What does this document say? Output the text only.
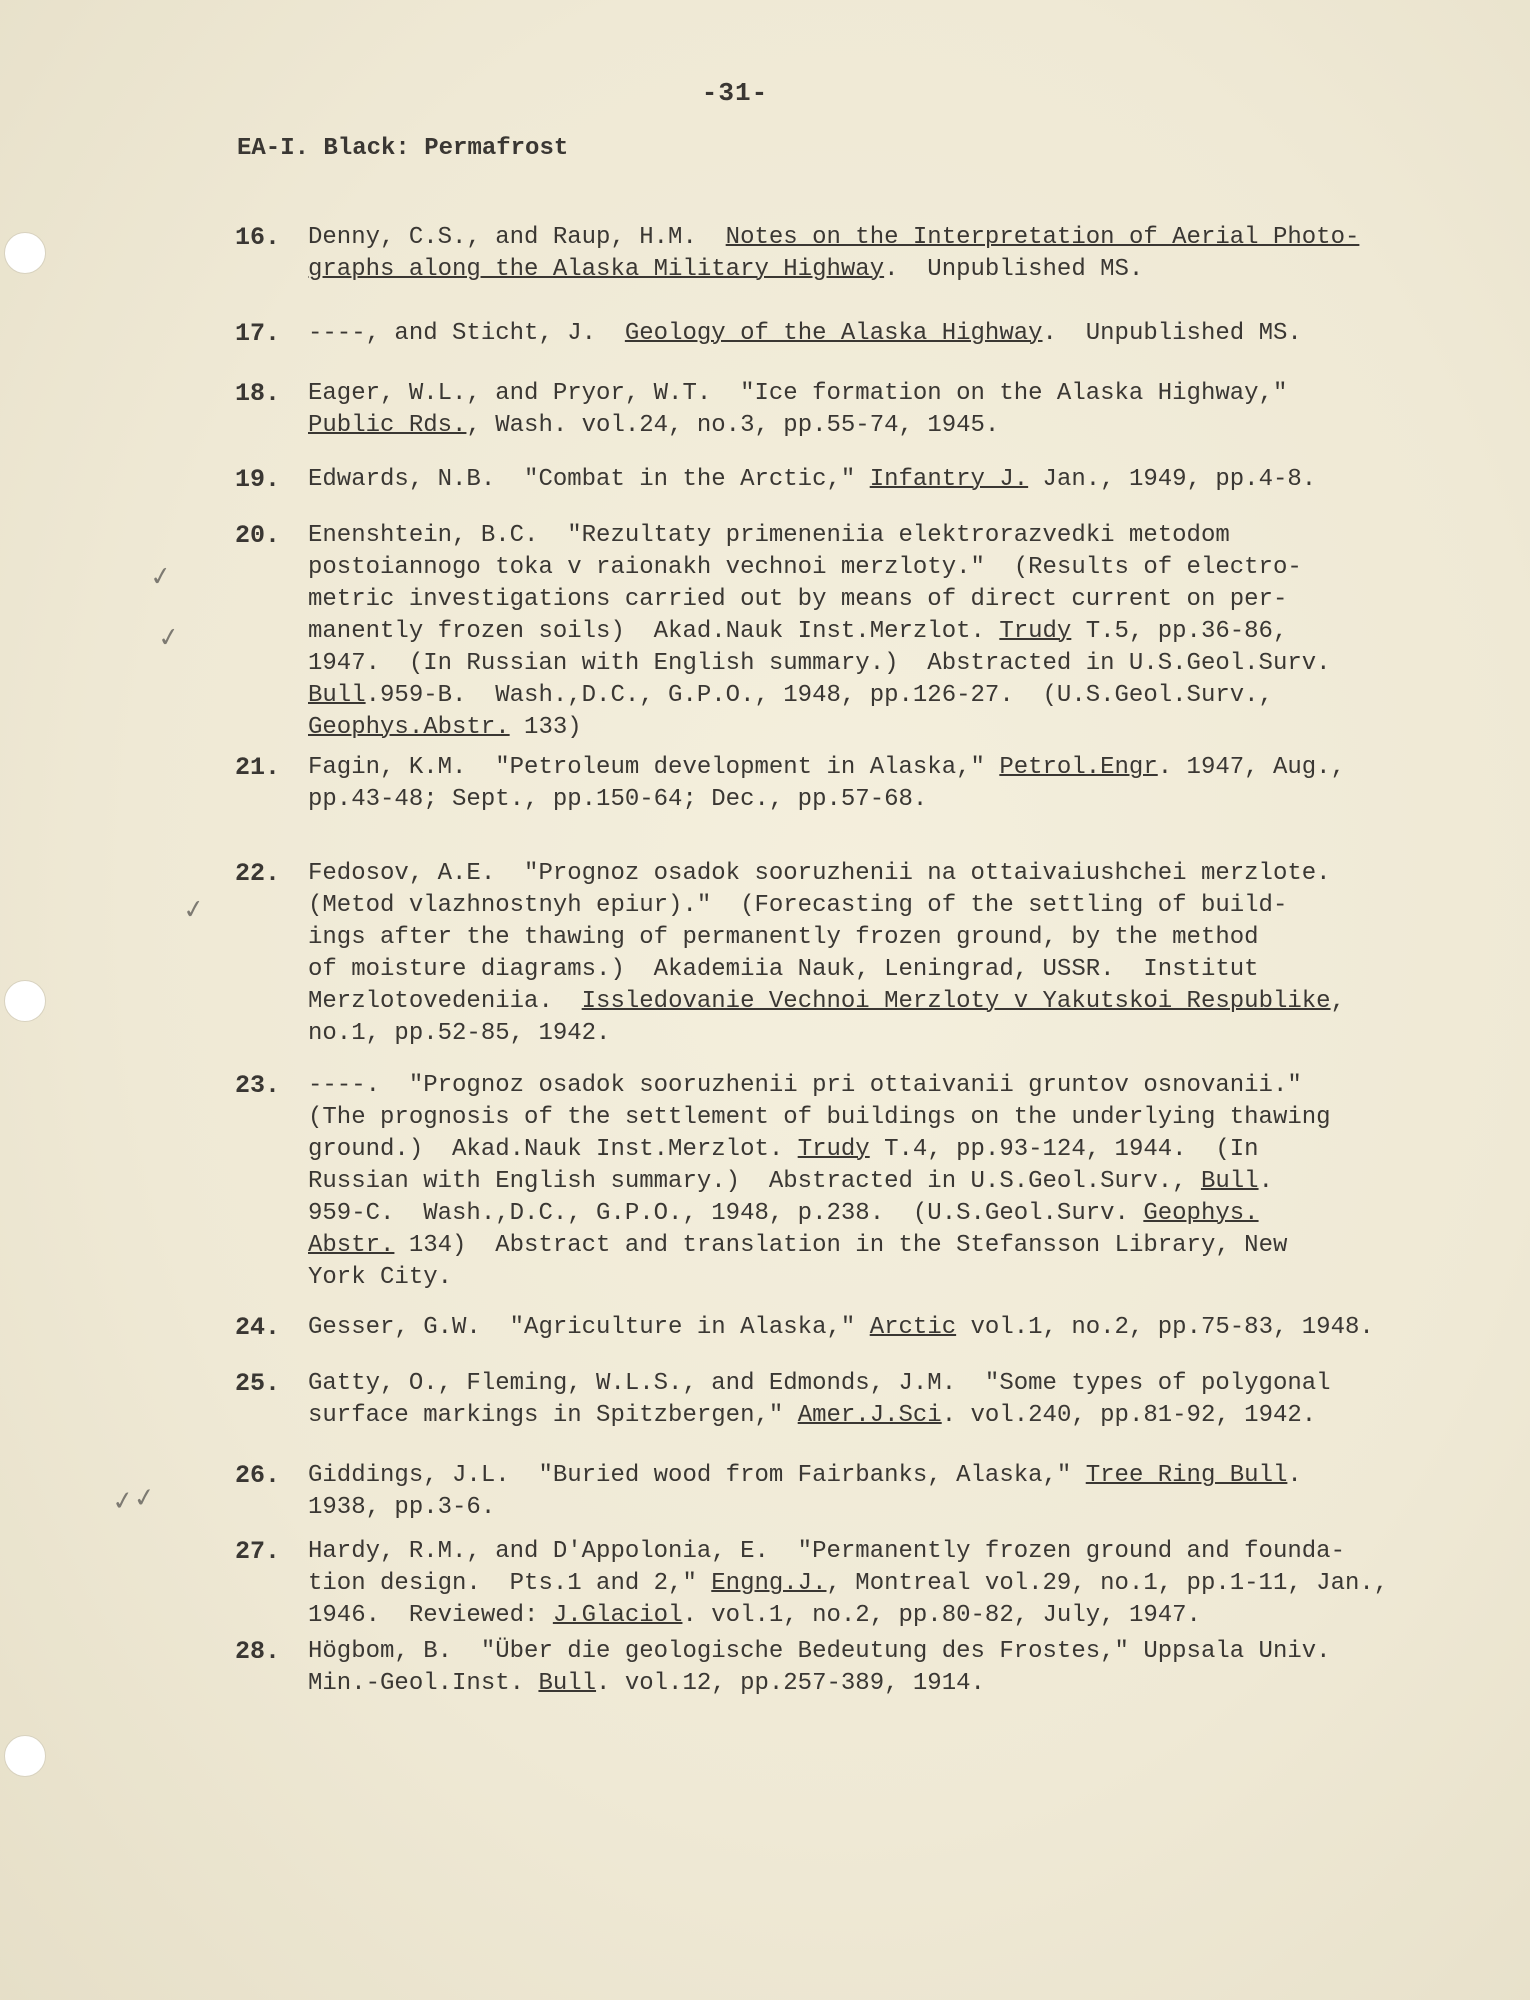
✓
✓
✓
✓✓
-31-
EA-I. Black: Permafrost
16. Denny, C.S., and Raup, H.M.  Notes on the Interpretation of Aerial Photo-
graphs along the Alaska Military Highway.  Unpublished MS.
17. ----, and Sticht, J.  Geology of the Alaska Highway.  Unpublished MS.
18. Eager, W.L., and Pryor, W.T.  "Ice formation on the Alaska Highway,"
Public Rds., Wash. vol.24, no.3, pp.55-74, 1945.
19. Edwards, N.B.  "Combat in the Arctic," Infantry J. Jan., 1949, pp.4-8.
20. Enenshtein, B.C.  "Rezultaty primeneniia elektrorazvedki metodom
postoiannogo toka v raionakh vechnoi merzloty."  (Results of electro-
metric investigations carried out by means of direct current on per-
manently frozen soils)  Akad.Nauk Inst.Merzlot. Trudy T.5, pp.36-86,
1947.  (In Russian with English summary.)  Abstracted in U.S.Geol.Surv.
Bull.959-B.  Wash.,D.C., G.P.O., 1948, pp.126-27.  (U.S.Geol.Surv.,
Geophys.Abstr. 133)
21. Fagin, K.M.  "Petroleum development in Alaska," Petrol.Engr. 1947, Aug.,
pp.43-48; Sept., pp.150-64; Dec., pp.57-68.
22. Fedosov, A.E.  "Prognoz osadok sooruzhenii na ottaivaiushchei merzlote.
(Metod vlazhnostnyh epiur)."  (Forecasting of the settling of build-
ings after the thawing of permanently frozen ground, by the method
of moisture diagrams.)  Akademiia Nauk, Leningrad, USSR.  Institut
Merzlotovedeniia.  Issledovanie Vechnoi Merzloty v Yakutskoi Respublike,
no.1, pp.52-85, 1942.
23. ----.  "Prognoz osadok sooruzhenii pri ottaivanii gruntov osnovanii."
(The prognosis of the settlement of buildings on the underlying thawing
ground.)  Akad.Nauk Inst.Merzlot. Trudy T.4, pp.93-124, 1944.  (In
Russian with English summary.)  Abstracted in U.S.Geol.Surv., Bull.
959-C.  Wash.,D.C., G.P.O., 1948, p.238.  (U.S.Geol.Surv. Geophys.
Abstr. 134)  Abstract and translation in the Stefansson Library, New
York City.
24. Gesser, G.W.  "Agriculture in Alaska," Arctic vol.1, no.2, pp.75-83, 1948.
25. Gatty, O., Fleming, W.L.S., and Edmonds, J.M.  "Some types of polygonal
surface markings in Spitzbergen," Amer.J.Sci. vol.240, pp.81-92, 1942.
26. Giddings, J.L.  "Buried wood from Fairbanks, Alaska," Tree Ring Bull.
1938, pp.3-6.
27. Hardy, R.M., and D'Appolonia, E.  "Permanently frozen ground and founda-
tion design.  Pts.1 and 2," Engng.J., Montreal vol.29, no.1, pp.1-11, Jan.,
1946.  Reviewed: J.Glaciol. vol.1, no.2, pp.80-82, July, 1947.
28. Högbom, B.  "Über die geologische Bedeutung des Frostes," Uppsala Univ.
Min.-Geol.Inst. Bull. vol.12, pp.257-389, 1914.
